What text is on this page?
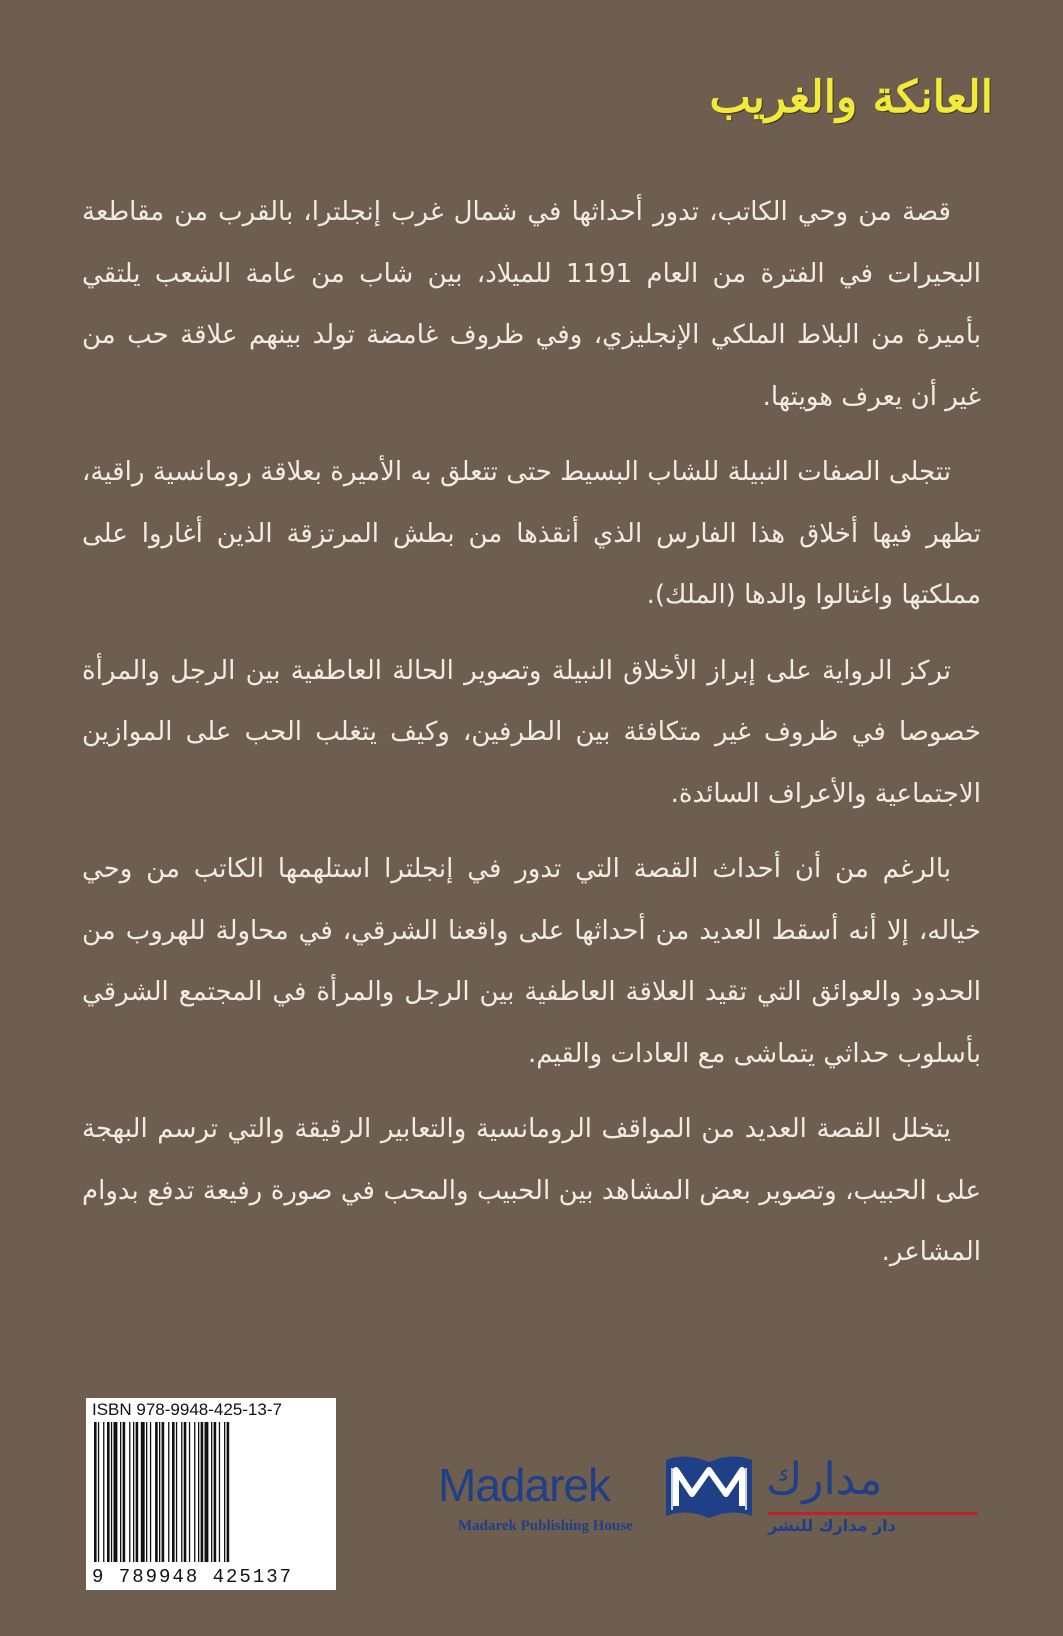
العانكة والغريب

قصة من وحي الكاتب، تدور أحداثها في شمال غرب إنجلترا، بالقرب من مقاطعة البحيرات في الفترة من العام 1191 للميلاد، بين شاب من عامة الشعب يلتقي بأميرة من البلاط الملكي الإنجليزي، وفي ظروف غامضة تولد بينهم علاقة حب من غير أن يعرف هويتها.

تتجلى الصفات النبيلة للشاب البسيط حتى تتعلق به الأميرة بعلاقة رومانسية راقية، تظهر فيها أخلاق هذا الفارس الذي أنقذها من بطش المرتزقة الذين أغاروا على مملكتها واغتالوا والدها (الملك).

تركز الرواية على إبراز الأخلاق النبيلة وتصوير الحالة العاطفية بين الرجل والمرأة خصوصا في ظروف غير متكافئة بين الطرفين، وكيف يتغلب الحب على الموازين الاجتماعية والأعراف السائدة.

بالرغم من أن أحداث القصة التي تدور في إنجلترا استلهمها الكاتب من وحي خياله، إلا أنه أسقط العديد من أحداثها على واقعنا الشرقي، في محاولة للهروب من الحدود والعوائق التي تقيد العلاقة العاطفية بين الرجل والمرأة في المجتمع الشرقي بأسلوب حداثي يتماشى مع العادات والقيم.

يتخلل القصة العديد من المواقف الرومانسية والتعابير الرقيقة والتي ترسم البهجة على الحبيب، وتصوير بعض المشاهد بين الحبيب والمحب في صورة رفيعة تدفع بدوام المشاعر.

ISBN 978-9948-425-13-7
9 789948 425137
Madarek
Madarek Publishing House
مدارك
دار مدارك للنشر
